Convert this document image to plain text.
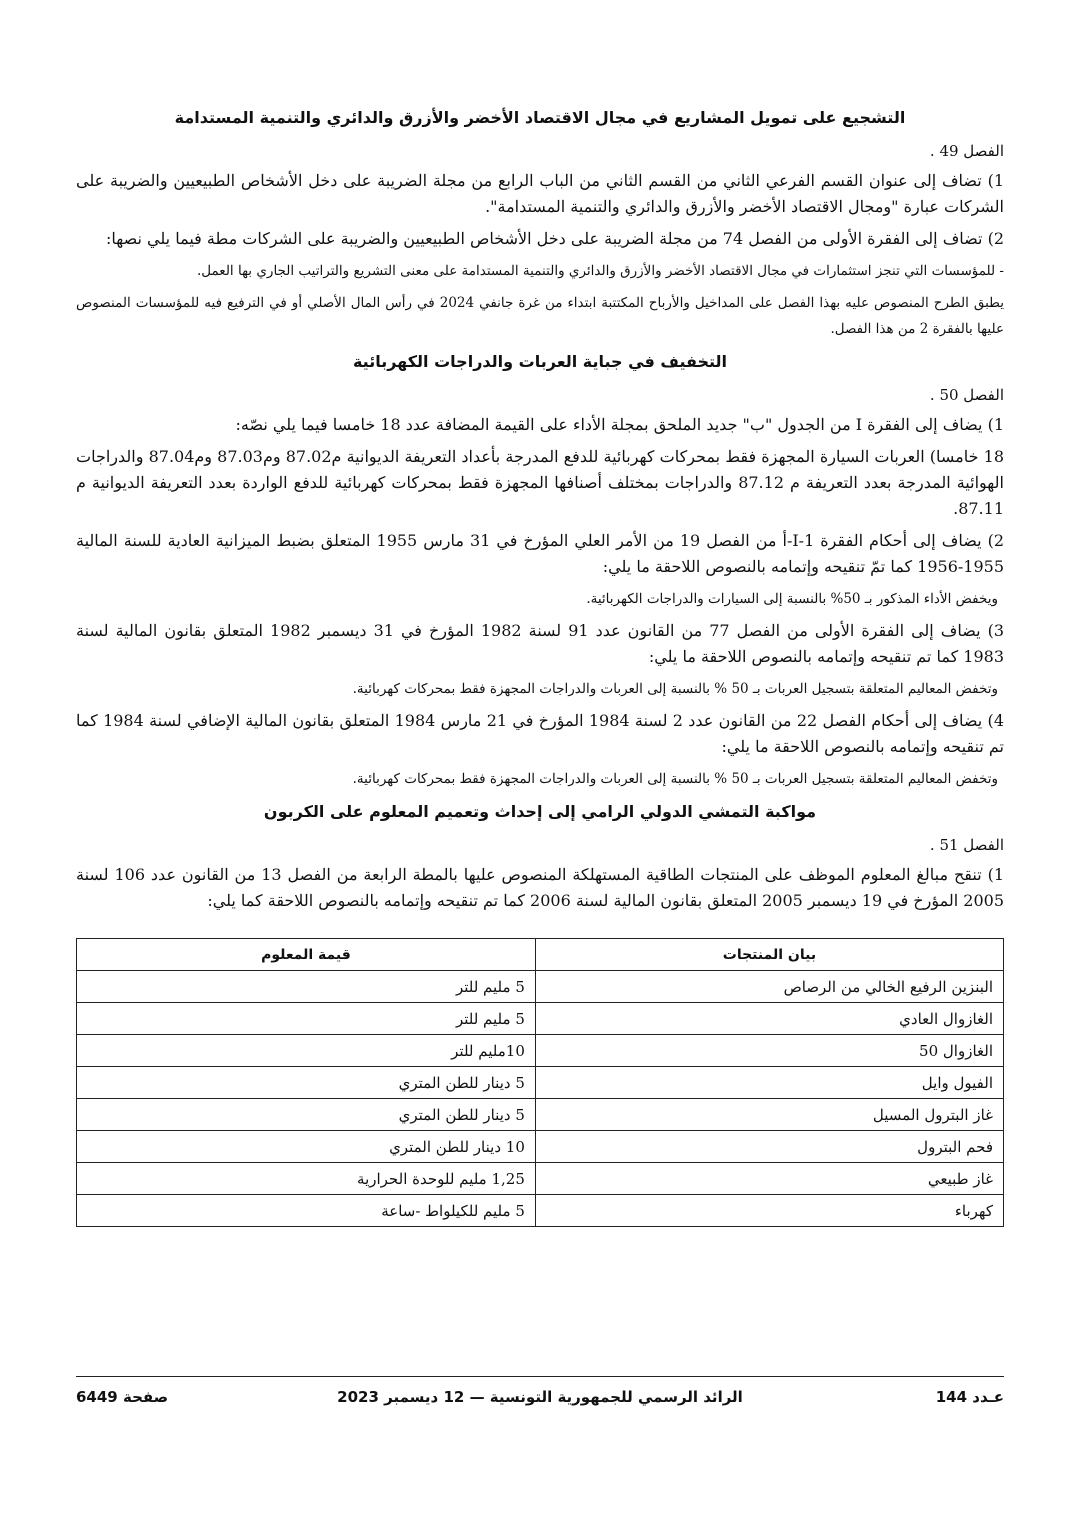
التشجيع على تمويل المشاريع في مجال الاقتصاد الأخضر والأزرق والدائري والتنمية المستدامة
الفصل 49 .

1) تضاف إلى عنوان القسم الفرعي الثاني من القسم الثاني من الباب الرابع من مجلة الضريبة على دخل الأشخاص الطبيعيين والضريبة على الشركات عبارة "ومجال الاقتصاد الأخضر والأزرق والدائري والتنمية المستدامة".

2) تضاف إلى الفقرة الأولى من الفصل 74 من مجلة الضريبة على دخل الأشخاص الطبيعيين والضريبة على الشركات مطة فيما يلي نصها:

- للمؤسسات التي تنجز استثمارات في مجال الاقتصاد الأخضر والأزرق والدائري والتنمية المستدامة على معنى التشريع والتراتيب الجاري بها العمل.

يطبق الطرح المنصوص عليه بهذا الفصل على المداخيل والأرباح المكتتبة ابتداء من غرة جانفي 2024 في رأس المال الأصلي أو في الترفيع فيه للمؤسسات المنصوص عليها بالفقرة 2 من هذا الفصل.

التخفيف في جباية العربات والدراجات الكهربائية
الفصل 50 .

1) يضاف إلى الفقرة I من الجدول "ب" جديد الملحق بمجلة الأداء على القيمة المضافة عدد 18 خامسا فيما يلي نصّه:

18 خامسا) العربات السيارة المجهزة فقط بمحركات كهربائية للدفع المدرجة بأعداد التعريفة الديوانية م87.02 وم87.03 وم87.04 والدراجات الهوائية المدرجة بعدد التعريفة م 87.12 والدراجات بمختلف أصنافها المجهزة فقط بمحركات كهربائية للدفع الواردة بعدد التعريفة الديوانية م 87.11.

2) يضاف إلى أحكام الفقرة I-1-أ من الفصل 19 من الأمر العلي المؤرخ في 31 مارس 1955 المتعلق بضبط الميزانية العادية للسنة المالية 1955-1956 كما تمّ تنقيحه وإتمامه بالنصوص اللاحقة ما يلي:

ويخفض الأداء المذكور بـ 50% بالنسبة إلى السيارات والدراجات الكهربائية.

3) يضاف إلى الفقرة الأولى من الفصل 77 من القانون عدد 91 لسنة 1982 المؤرخ في 31 ديسمبر 1982 المتعلق بقانون المالية لسنة 1983 كما تم تنقيحه وإتمامه بالنصوص اللاحقة ما يلي:

وتخفض المعاليم المتعلقة بتسجيل العربات بـ 50 % بالنسبة إلى العربات والدراجات المجهزة فقط بمحركات كهربائية.

4) يضاف إلى أحكام الفصل 22 من القانون عدد 2 لسنة 1984 المؤرخ في 21 مارس 1984 المتعلق بقانون المالية الإضافي لسنة 1984 كما تم تنقيحه وإتمامه بالنصوص اللاحقة ما يلي:

وتخفض المعاليم المتعلقة بتسجيل العربات بـ 50 % بالنسبة إلى العربات والدراجات المجهزة فقط بمحركات كهربائية.

مواكبة التمشي الدولي الرامي إلى إحداث وتعميم المعلوم على الكربون
الفصل 51 .

1) تنقح مبالغ المعلوم الموظف على المنتجات الطاقية المستهلكة المنصوص عليها بالمطة الرابعة من الفصل 13 من القانون عدد 106 لسنة 2005 المؤرخ في 19 ديسمبر 2005 المتعلق بقانون المالية لسنة 2006 كما تم تنقيحه وإتمامه بالنصوص اللاحقة كما يلي:

بيان المنتجات	قيمة المعلوم
البنزين الرفيع الخالي من الرصاص	5 مليم للتر
الغازوال العادي	5 مليم للتر
الغازوال 50	10مليم للتر
الفيول وايل	5 دينار للطن المتري
غاز البترول المسيل	5 دينار للطن المتري
فحم البترول	10 دينار للطن المتري
غاز طبيعي	1,25 مليم للوحدة الحرارية
كهرباء	5 مليم للكيلواط -ساعة
عـدد 144
الرائد الرسمي للجمهورية التونسية — 12 ديسمبر 2023
صفحة 6449
